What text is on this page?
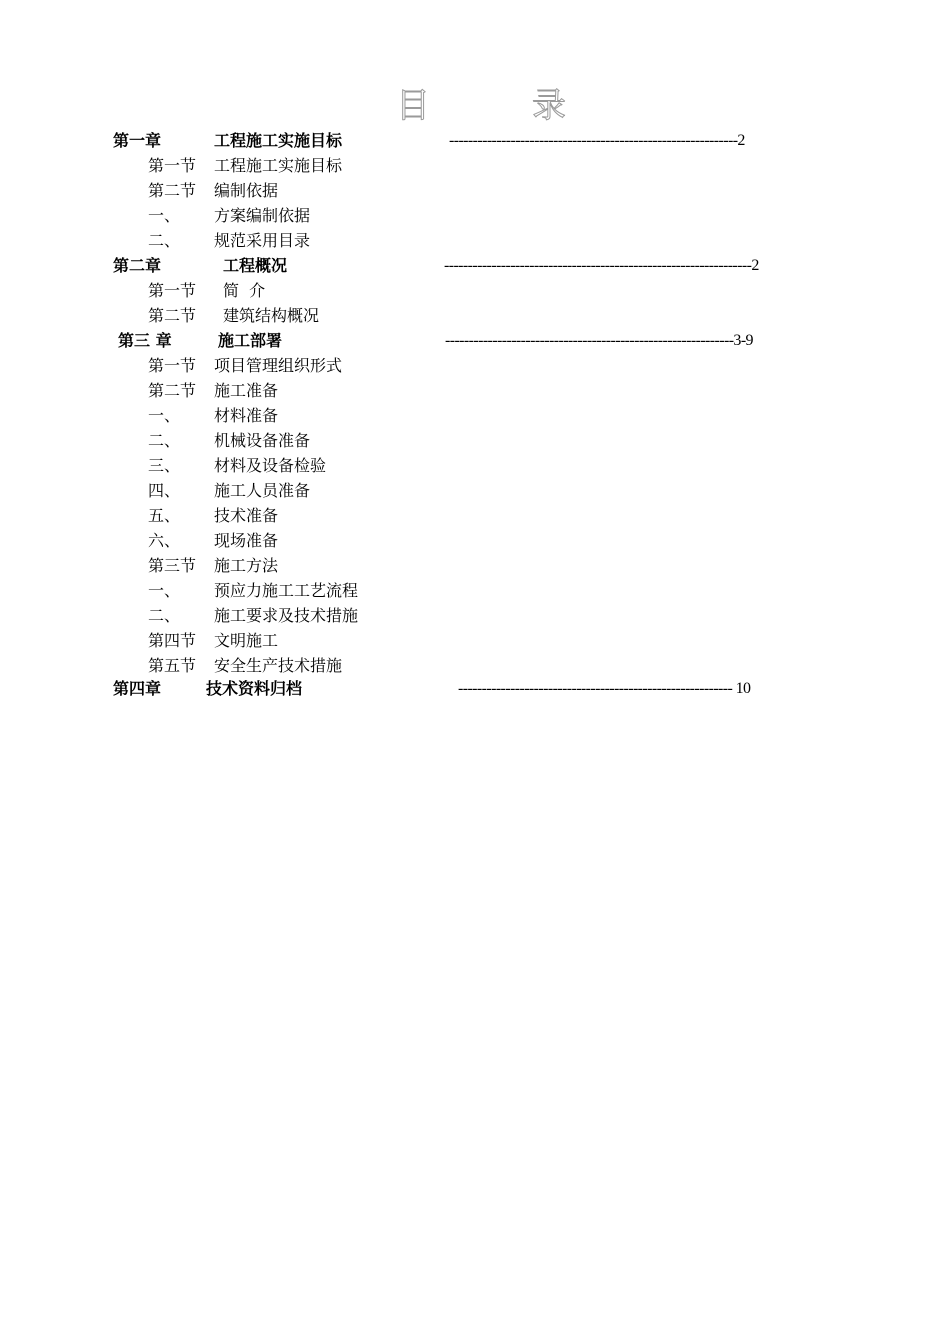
目	录
第一章	工程施工实施目标	-------------------------------------------------------------2
第一节 工程施工实施目标
第二节 编制依据
一、 方案编制依据
二、 规范采用目录
第二章	工程概况	-----------------------------------------------------------------2
第一节 简  介
第二节 建筑结构概况
第三 章	施工部署	-------------------------------------------------------------3-9
第一节 项目管理组织形式
第二节 施工准备
一、 材料准备
二、 机械设备准备
三、 材料及设备检验
四、 施工人员准备
五、 技术准备
六、 现场准备
第三节 施工方法
一、 预应力施工工艺流程
二、 施工要求及技术措施
第四节 文明施工
第五节 安全生产技术措施
第四章	技术资料归档	---------------------------------------------------------- 10
